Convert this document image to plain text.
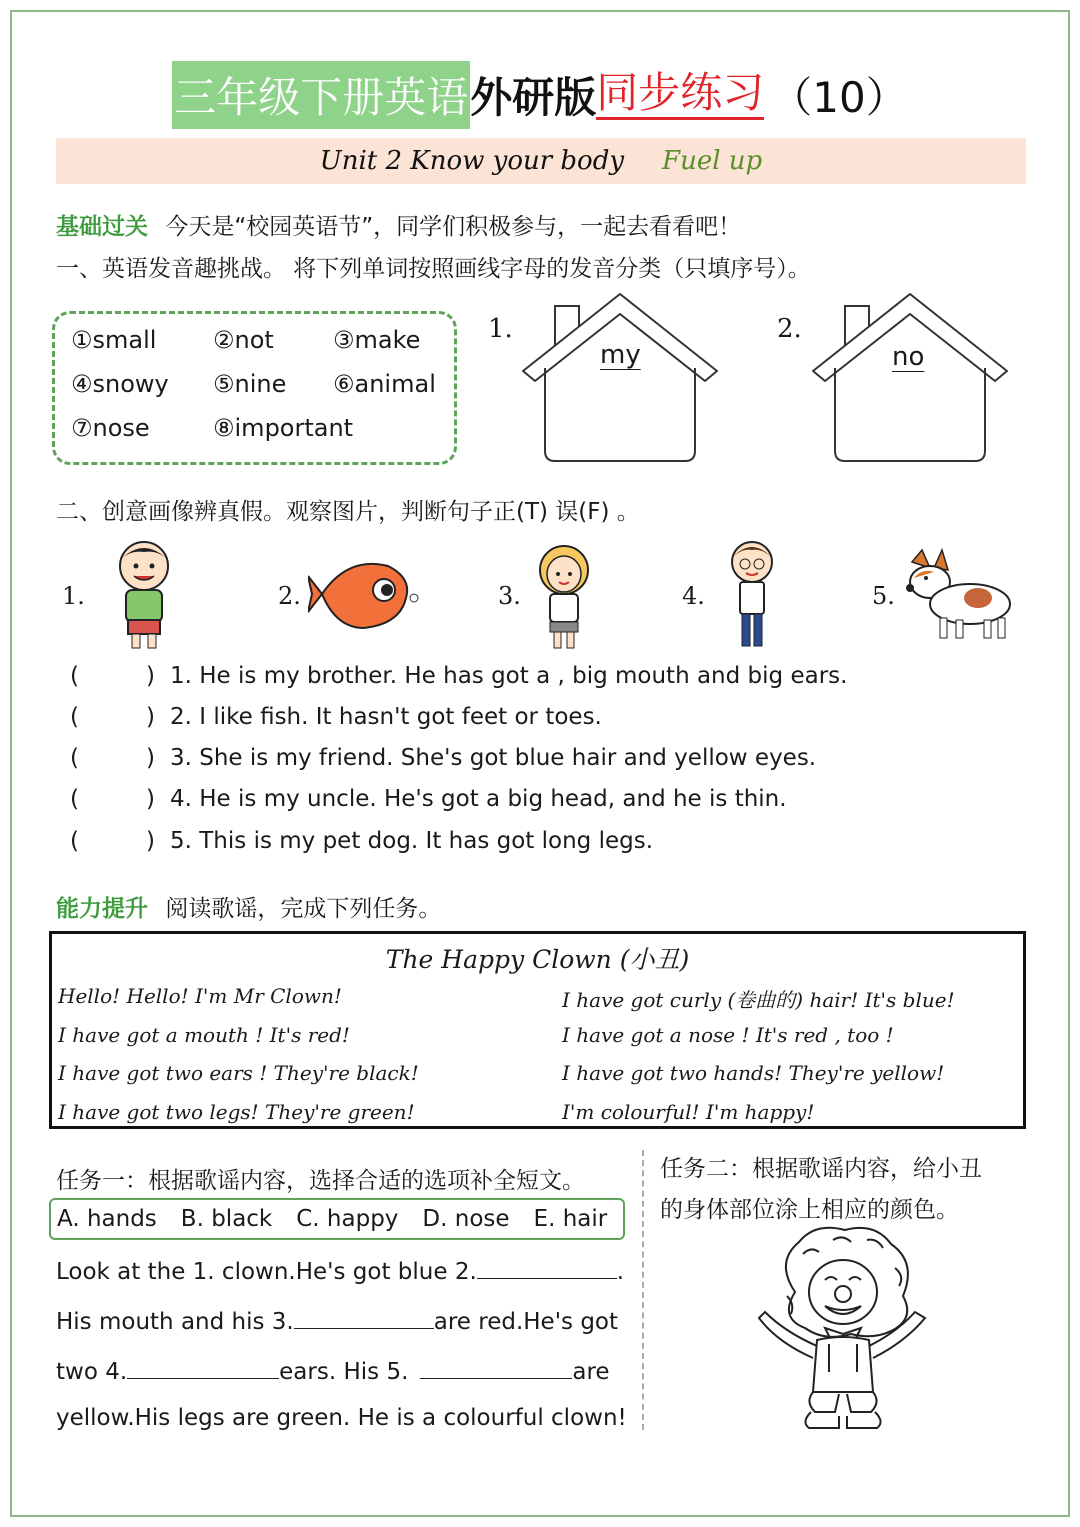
三年级下册英语 外研版 同步练习 （10）
Unit 2 Know your body Fuel up
基础过关 今天是“校园英语节”，同学们积极参与，一起去看看吧！
一、英语发音趣挑战。 将下列单词按照画线字母的发音分类（只填序号）。
①small ②not ③make
④snowy ⑤nine ⑥animal
⑦nose	⑧important
1.
my
2.
no
二、创意画像辨真假。观察图片，判断句子正(T) 误(F) 。
1.	2.	3.	4.	5.
(	) 1. He is my brother. He has got a , big mouth and big ears.
(	) 2. I like fish. It hasn't got feet or toes.
(	) 3. She is my friend. She's got blue hair and yellow eyes.
(	) 4. He is my uncle. He's got a big head, and he is thin.
(	) 5. This is my pet dog. It has got long legs.
能力提升 阅读歌谣，完成下列任务。
The Happy Clown (小丑)
Hello! Hello! I'm Mr Clown!
I have got a mouth ! It's red!
I have got two ears ! They're black!
I have got two legs! They're green!
I have got curly (卷曲的) hair! It's blue!
I have got a nose ! It's red , too !
I have got two hands! They're yellow!
I'm colourful! I'm happy!
任务一：根据歌谣内容，选择合适的选项补全短文。
A. hands B. black C. happy D. nose E. hair
Look at the 1. clown.He's got blue 2.	.
His mouth and his 3.	are red.He's got
two 4.	ears. His 5.	are
yellow.His legs are green. He is a colourful clown!
任务二：根据歌谣内容，给小丑
的身体部位涂上相应的颜色。
